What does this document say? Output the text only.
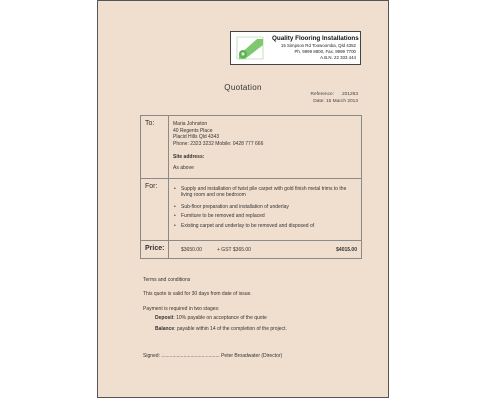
Quality Flooring Installations
15 Simpson Rd Toowoomba, Qld 4352
Ph. 9999 8800, Fax. 9999 7700
A.B.N. 22 333 444
Quotation
Reference: 201283
Date: 15 March 2013
To:	Maria Johnston
40 Regents Place
Placid Hills Qld 4343
Phone: 2323 3232 Mobile: 0428 777 666
Site address:
As above
For:
•	Supply and installation of twist pile carpet with gold finish metal trims to the living room and one bedroom
• Sub-floor preparation and installation of underlay
• Furniture to be removed and replaced
• Existing carpet and underlay to be removed and disposed of
Price:	$3650.00	+ GST $365.00	$4015.00
Terms and conditions
This quote is valid for 30 days from date of issue.
Payment is required in two stages:
Deposit: 10% payable on acceptance of the quote
Balance: payable within 14 of the completion of the project.
Signed: .......................................... Peter Broadwater (Director)
